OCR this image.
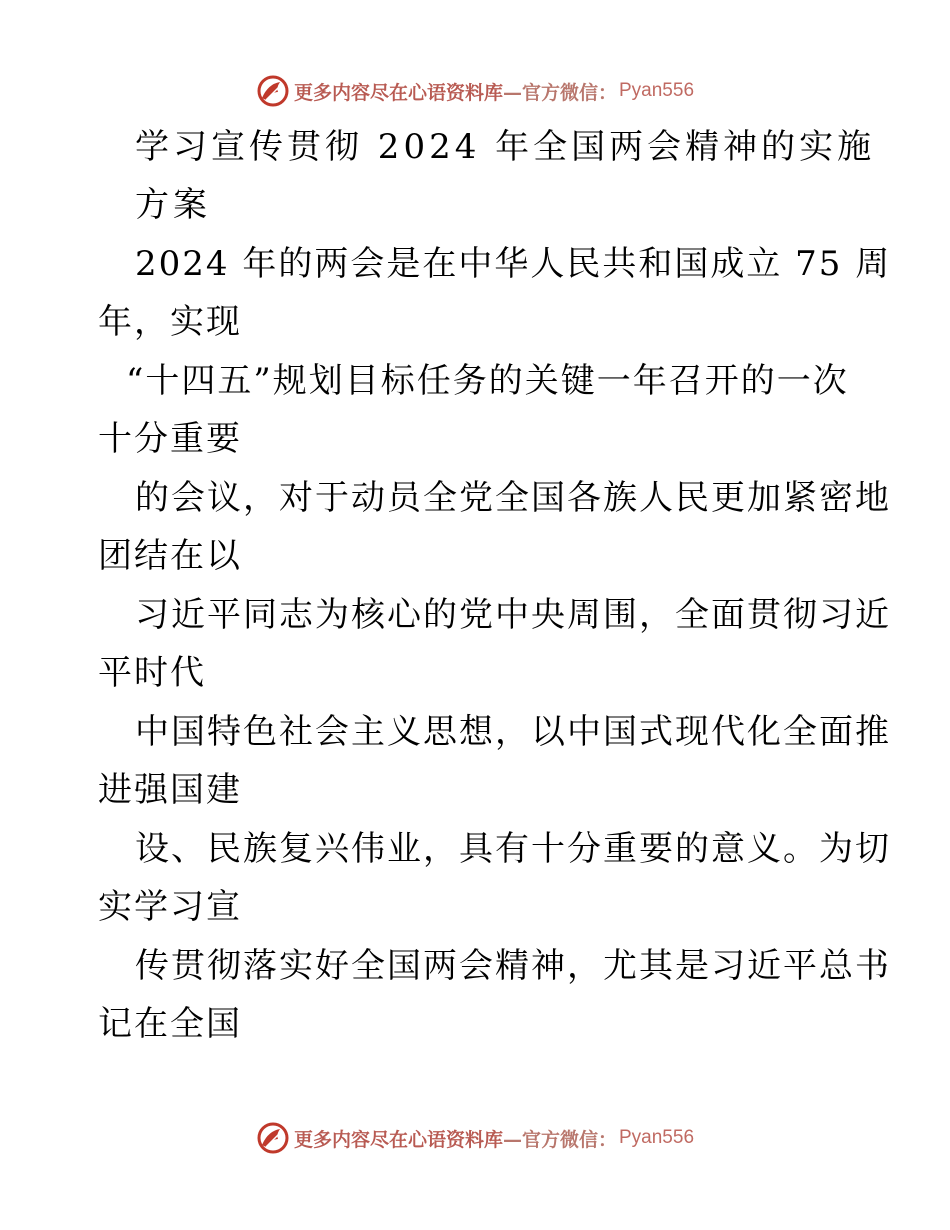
更多内容尽在心语资料库 —官方微信： Pyan556
学习宣传贯彻 2024 年全国两会精神的实施
方案
2024 年的两会是在中华人民共和国成立 75 周
年，实现
“十四五”规划目标任务的关键一年召开的一次
十分重要
的会议，对于动员全党全国各族人民更加紧密地
团结在以
习近平同志为核心的党中央周围，全面贯彻习近
平时代
中国特色社会主义思想，以中国式现代化全面推
进强国建
设、民族复兴伟业，具有十分重要的意义。为切
实学习宣
传贯彻落实好全国两会精神，尤其是习近平总书
记在全国
更多内容尽在心语资料库 —官方微信： Pyan556
